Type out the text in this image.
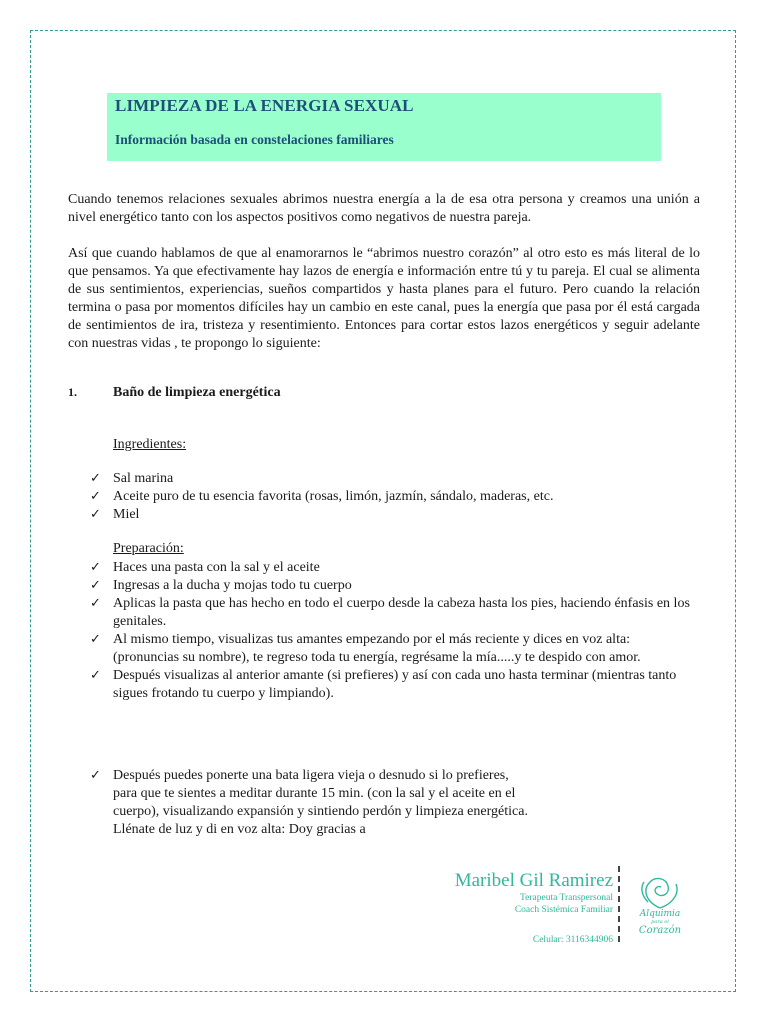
LIMPIEZA DE LA ENERGIA SEXUAL

Información basada en constelaciones familiares

Cuando tenemos relaciones sexuales abrimos nuestra energía a la de esa otra persona y creamos una unión a nivel energético tanto con los aspectos positivos como negativos de nuestra pareja.

Así que cuando hablamos de que al enamorarnos le “abrimos nuestro corazón” al otro esto es más literal de lo que pensamos. Ya que efectivamente hay lazos de energía e información entre tú y tu pareja. El cual se alimenta de sus sentimientos, experiencias, sueños compartidos y hasta planes para el futuro. Pero cuando la relación termina o pasa por momentos difíciles hay un cambio en este canal, pues la energía que pasa por él está cargada de sentimientos de ira, tristeza y resentimiento. Entonces para cortar estos lazos energéticos y seguir adelante con nuestras vidas , te propongo lo siguiente:

1.	Baño de limpieza energética
Ingredientes:
✓ Sal marina
✓ Aceite puro de tu esencia favorita (rosas, limón, jazmín, sándalo, maderas, etc.
✓ Miel
Preparación:
✓ Haces una pasta con la sal y el aceite
✓ Ingresas a la ducha y mojas todo tu cuerpo
✓ Aplicas la pasta que has hecho en todo el cuerpo desde la cabeza hasta los pies, haciendo énfasis en los genitales.
✓ Al mismo tiempo, visualizas tus amantes empezando por el más reciente y dices en voz alta: (pronuncias su nombre), te regreso toda tu energía, regrésame la mía.....y te despido con amor.
✓ Después visualizas al anterior amante (si prefieres) y así con cada uno hasta terminar (mientras tanto sigues frotando tu cuerpo y limpiando).
✓ Después puedes ponerte una bata ligera vieja o desnudo si lo prefieres, para que te sientes a meditar durante 15 min. (con la sal y el aceite en el cuerpo), visualizando expansión y sintiendo perdón y limpieza energética. Llénate de luz y di en voz alta: Doy gracias a
Maribel Gil Ramirez
Terapeuta Transpersonal
Coach Sistémica Familiar
Celular: 3116344906
Alquimia
para el
Corazón
